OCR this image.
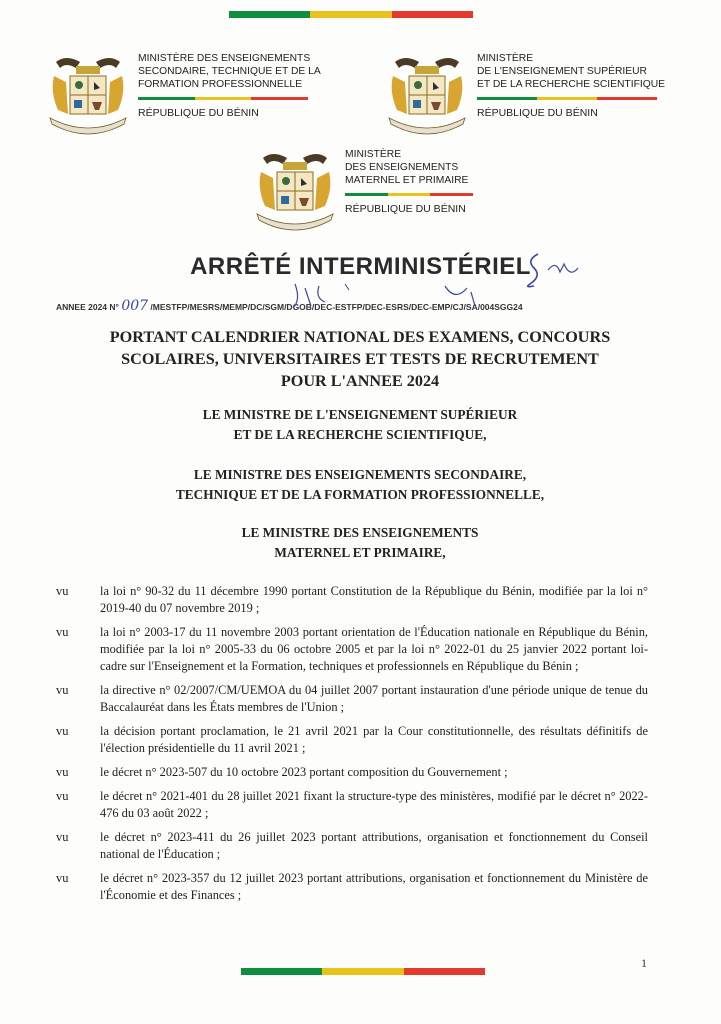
MINISTÈRE DES ENSEIGNEMENTS
SECONDAIRE, TECHNIQUE ET DE LA
FORMATION PROFESSIONNELLE
RÉPUBLIQUE DU BÉNIN
MINISTÈRE
DE L'ENSEIGNEMENT SUPÉRIEUR
ET DE LA RECHERCHE SCIENTIFIQUE
RÉPUBLIQUE DU BÉNIN
MINISTÈRE
DES ENSEIGNEMENTS
MATERNEL ET PRIMAIRE
RÉPUBLIQUE DU BÉNIN
ARRÊTÉ INTERMINISTÉRIEL
ANNEE 2024 N° 007 /MESTFP/MESRS/MEMP/DC/SGM/DGOB/DEC-ESTFP/DEC-ESRS/DEC-EMP/CJ/SA/004SGG24
PORTANT CALENDRIER NATIONAL DES EXAMENS, CONCOURS
SCOLAIRES, UNIVERSITAIRES ET TESTS DE RECRUTEMENT
POUR L'ANNEE 2024
LE MINISTRE DE L'ENSEIGNEMENT SUPÉRIEUR
ET DE LA RECHERCHE SCIENTIFIQUE,
LE MINISTRE DES ENSEIGNEMENTS SECONDAIRE,
TECHNIQUE ET DE LA FORMATION PROFESSIONNELLE,
LE MINISTRE DES ENSEIGNEMENTS
MATERNEL ET PRIMAIRE,
vu	la loi n° 90-32 du 11 décembre 1990 portant Constitution de la République du Bénin, modifiée par la loi n° 2019-40 du 07 novembre 2019 ;
vu	la loi n° 2003-17 du 11 novembre 2003 portant orientation de l'Éducation nationale en République du Bénin, modifiée par la loi n° 2005-33 du 06 octobre 2005 et par la loi n° 2022-01 du 25 janvier 2022 portant loi-cadre sur l'Enseignement et la Formation, techniques et professionnels en République du Bénin ;
vu	la directive n° 02/2007/CM/UEMOA du 04 juillet 2007 portant instauration d'une période unique de tenue du Baccalauréat dans les États membres de l'Union ;
vu	la décision portant proclamation, le 21 avril 2021 par la Cour constitutionnelle, des résultats définitifs de l'élection présidentielle du 11 avril 2021 ;
vu	le décret n° 2023-507 du 10 octobre 2023 portant composition du Gouvernement ;
vu	le décret n° 2021-401 du 28 juillet 2021 fixant la structure-type des ministères, modifié par le décret n° 2022-476 du 03 août 2022 ;
vu	le décret n° 2023-411 du 26 juillet 2023 portant attributions, organisation et fonctionnement du Conseil national de l'Éducation ;
vu	le décret n° 2023-357 du 12 juillet 2023 portant attributions, organisation et fonctionnement du Ministère de l'Économie et des Finances ;
1
